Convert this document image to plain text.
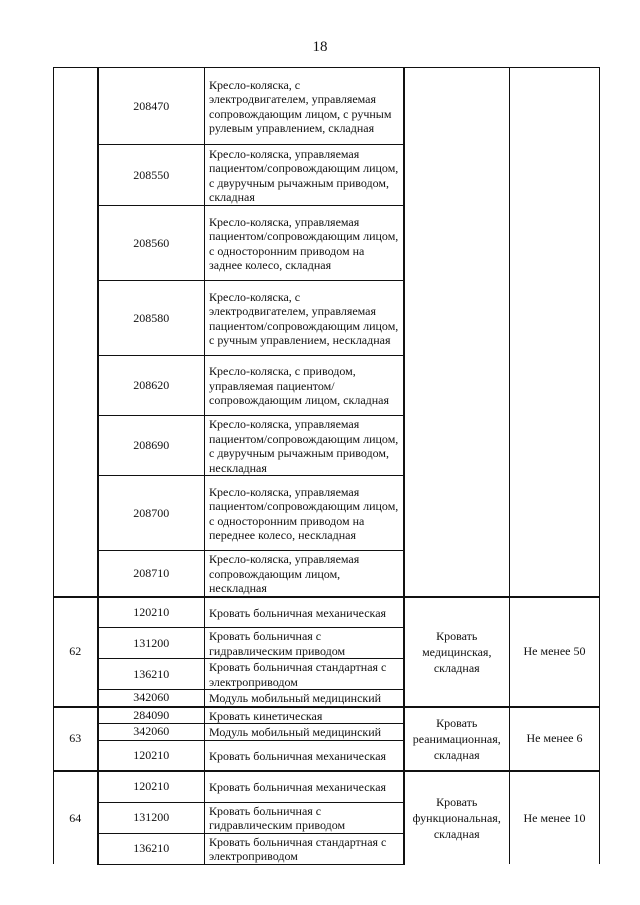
18
	208470	Кресло-коляска, с электродвигателем, управляемая сопровождающим лицом, с ручным рулевым управлением, складная		
	208550	Кресло-коляска, управляемая пациентом/сопровождающим лицом, с двуручным рычажным приводом, складная		
	208560	Кресло-коляска, управляемая пациентом/сопровождающим лицом, с односторонним приводом на заднее колесо, складная		
	208580	Кресло-коляска, с электродвигателем, управляемая пациентом/сопровождающим лицом, с ручным управлением, нескладная		
	208620	Кресло-коляска, с приводом, управляемая пациентом/сопровождающим лицом, складная		
	208690	Кресло-коляска, управляемая пациентом/сопровождающим лицом, с двуручным рычажным приводом, нескладная		
	208700	Кресло-коляска, управляемая пациентом/сопровождающим лицом, с односторонним приводом на переднее колесо, нескладная		
	208710	Кресло-коляска, управляемая сопровождающим лицом, нескладная		
62	120210	Кровать больничная механическая	Кровать медицинская, складная	Не менее 50
	131200	Кровать больничная с гидравлическим приводом		
	136210	Кровать больничная стандартная с электроприводом		
	342060	Модуль мобильный медицинский		
63	284090	Кровать кинетическая	Кровать реанимационная, складная	Не менее 6
	342060	Модуль мобильный медицинский		
	120210	Кровать больничная механическая		
64	120210	Кровать больничная механическая	Кровать функциональная, складная	Не менее 10
	131200	Кровать больничная с гидравлическим приводом		
	136210	Кровать больничная стандартная с электроприводом		
